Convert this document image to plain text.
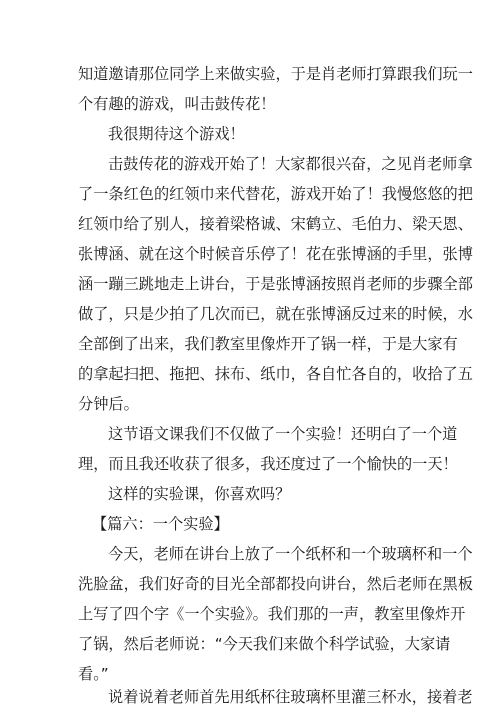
知道邀请那位同学上来做实验，于是肖老师打算跟我们玩一
个有趣的游戏，叫击鼓传花！
我很期待这个游戏！
击鼓传花的游戏开始了！大家都很兴奋，之见肖老师拿
了一条红色的红领巾来代替花，游戏开始了！我慢悠悠的把
红领巾给了别人，接着梁格诚、宋鹤立、毛伯力、梁天恩、
张博涵、就在这个时候音乐停了！花在张博涵的手里，张博
涵一蹦三跳地走上讲台，于是张博涵按照肖老师的步骤全部
做了，只是少拍了几次而已，就在张博涵反过来的时候，水
全部倒了出来，我们教室里像炸开了锅一样，于是大家有
的拿起扫把、拖把、抹布、纸巾，各自忙各自的，收拾了五
分钟后。
这节语文课我们不仅做了一个实验！还明白了一个道
理，而且我还收获了很多，我还度过了一个愉快的一天！
这样的实验课，你喜欢吗？
【篇六：一个实验】
今天，老师在讲台上放了一个纸杯和一个玻璃杯和一个
洗脸盆，我们好奇的目光全部都投向讲台，然后老师在黑板
上写了四个字《一个实验》。我们那的一声，教室里像炸开
了锅，然后老师说：“今天我们来做个科学试验，大家请
看。”
说着说着老师首先用纸杯往玻璃杯里灌三杯水，接着老
